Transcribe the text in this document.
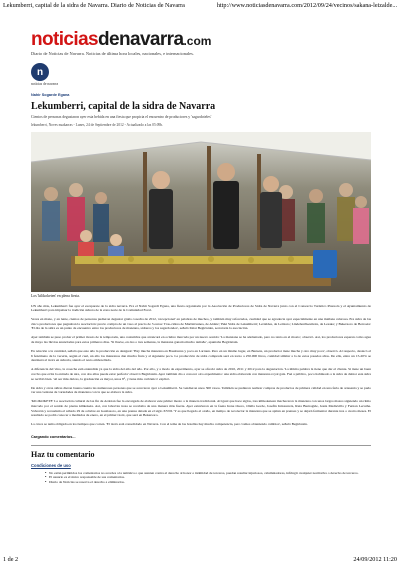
Lekumberri, capital de la sidra de Navarra. Diario de Noticias de Navarra	http://www.noticiasdenavarra.com/2012/09/24/vecinos/sakana-leizalde...
noticiasdenavarra.com
Diario de Noticias de Navarra. Noticias de última hora locales, nacionales, e internacionales.
n
Nahir Sogarde Egana
Lekumberri, capital de la sidra de Navarra
Cientos de personas degustaron ayer esta bebida en una fiesta que propicia el encuentro de productores y 'sagardoteles'
lekumberri, Noves nuakarras - Lunes, 24 de Septiembre de 2012 - Actualizado a las 05:09h.
Los 'kilikoketen' en plena fiesta.

UN año más, Lekumberri fue ayer el escaparate de la sidra navarra. Era el Nahir Sogardi Egana, una fiesta organizada por la Asociación de Productores de Sidra de Navarra junto con el Consorcio Turístico Plazaola y el Ayuntamiento de Lekumberri para impulsar la tradición sidrera de la zona norte de la Comunidad Foral.

Veces en mano, y en lente, cientos de personas pudieron degustar gratis cosecha de 2012, 'excepcional' en palabras de muchos, y también muy reforzados, cualidad que se agradecía ayer especialmente en una mañana calurosa. Era sidra de las cinco productores que pugnaban la asociación: precio compra de un vaso al precio de 3 euros: Tras-cidrea de Martintxunea, de Aldatz; Yuki Sidra de Lekumberri; Lertaldea, de Leitzaro; Lindeberrikesmola, de Lesaka; y Bekersoro de Berroeta: 'El día de la sidra es un punto de encuentro entre los productores de manzana, sidreros y los sagardoteles', señaló Itziar Begiristain, secretaria la asociación.

Ayer también se puso probar el primer mosto de la temporada, una costumbre que arrancará en octubre marcada por un nuevo sonido: 'La manzana se ha adelantado, pero no tanto en el mosto', observó. Así, los productores esperan como agua de mayo las lluvias anunciadas para estos primeros días. 'Si llueve, en dos o tres semanas, la manzana ganaría mucho tamaño', apuntaba Begiristain.

En relación a la cantidad, señaló que este año la producción es desigual: 'Hay mucha manzana en Basaburua y poca en Larraun. Pero en un mismo lugar, en Beruete, un productor tiene mucha y otro muy poca', observó. Al respecto, destacó el 6 fenómeno de la vecería, según el cual, un año los manzanos dan mucha fruta y al siguiente poca. La producción de sidra comprada será en torno a 250.000 litros, cantidad similar a la de estos pasados años. De ella, entre un 15-20% se destinará al txotx en sidrería, siendo el resto embotellada.

A diferencia del vino, la cosecha está entendida ya que la sidra del año del año. Por ello, y a modo de experimento, ayer se ofreció sidra de 2010, 2011 y 2012 para la degustación. 'La última palabra la tiene que dar el cliente. Si tiene un buen corcho que evita la entrada de aire, con dos años puede estar perfecta' observó Begiristain. Ayer también dio a conocer otro experimento: una sidra elaborada con manzana royal gala. Fué a público, poco habituado a la sidra de dulzor esta sidra se recibió bien. 'Al ser más dulces, la graduación es mayor, unos 8°, y tiene más carbónico' explicó.

De sidra y otras sidras dieron buena cuenta las numerosas personas que se acercaron ayer a Lekumberri. Se vendieron unos 300 vasos. También se pudieron realizar compras de productos de primera calidad en una feria de artesanía y se pudo ver una ventana de variedades de manzana con la que se elabora la sidra.

'KILIKOKETE' La asociación cultural de las fin de Ardoian fue la encargada de elaborar este primer mosto a la manera tradicional. Al igual que hace siglos, tres kilikoketeen machacaron la manzana con unos largos mazos siguiendo un ritmo marcado por el sonido de piezas kilikoketa. Así, con labortxu tresa se recababa de una manera más fuerte. Ayer estuvieron en la faena Irene Osoro, Olalla Gorde, Josefin Intxaurrets, Ruta Burnagide, Jesús Medievilla y Fernan Lecuthe. Valverán y recaudaría el sábado 29 de octubre en Gastiasoro, en una prensa datada en el siglo XVIII. 'Y es que llegado el otoño, en tiempo de recolectar la manzana que se apilan en prensas y se dejará fermentar durante tres o cuatro meses. El resultado se podrá conocer a mediados de enero, en el primer txotx, que será en Bekersoro.

La cruce se tema obligada en los tiempos que corren. 'El txotx está consolidado en Navarra. Con el tema de las botellas hay mucha competencia, pero vamos obteniendo cambios', señaló Begiristain.

Cargando comentarios...
Haz tu comentario
Condiciones de uso
• No están permitidos los comentarios no acordes a la temática o que atenten contra el derecho al honor e intimidad de terceros, puedan resultar injuriosos, calumniadores, infringir cualquier normativa o derecho de terceros.
• El usuario es el único responsable de sus comentarios.
• Diario de Noticias se reserva el derecho a eliminarlos.
noticias de navarra
1 de 2	24/09/2012 11:20
